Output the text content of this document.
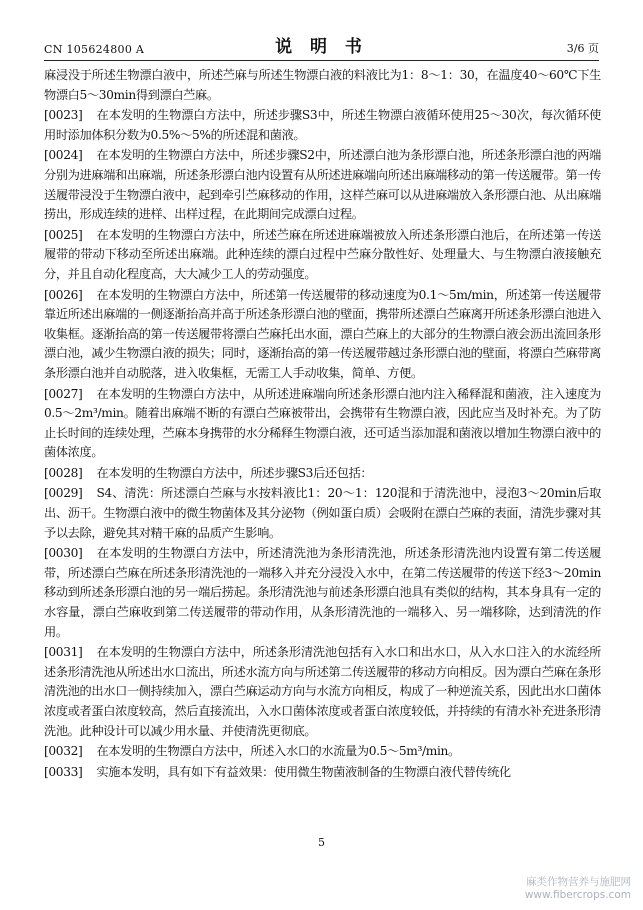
CN 105624800 A	说 明 书	3/6 页

麻浸没于所述生物漂白液中，所述苎麻与所述生物漂白液的料液比为1：8～1：30，在温度40～60℃下生物漂白5～30min得到漂白苎麻。

[0023] 在本发明的生物漂白方法中，所述步骤S3中，所述生物漂白液循环使用25～30次，每次循环使用时添加体积分数为0.5%～5%的所述混和菌液。

[0024] 在本发明的生物漂白方法中，所述步骤S2中，所述漂白池为条形漂白池，所述条形漂白池的两端分别为进麻端和出麻端，所述条形漂白池内设置有从所述进麻端向所述出麻端移动的第一传送履带。第一传送履带浸没于生物漂白液中，起到牵引苎麻移动的作用，这样苎麻可以从进麻端放入条形漂白池、从出麻端捞出，形成连续的进样、出样过程，在此期间完成漂白过程。

[0025] 在本发明的生物漂白方法中，所述苎麻在所述进麻端被放入所述条形漂白池后，在所述第一传送履带的带动下移动至所述出麻端。此种连续的漂白过程中苎麻分散性好、处理量大、与生物漂白液接触充分，并且自动化程度高，大大减少工人的劳动强度。

[0026] 在本发明的生物漂白方法中，所述第一传送履带的移动速度为0.1～5m/min，所述第一传送履带靠近所述出麻端的一侧逐渐抬高并高于所述条形漂白池的壁面，携带所述漂白苎麻离开所述条形漂白池进入收集框。逐渐抬高的第一传送履带将漂白苎麻托出水面，漂白苎麻上的大部分的生物漂白液会沥出流回条形漂白池，减少生物漂白液的损失；同时，逐渐抬高的第一传送履带越过条形漂白池的壁面，将漂白苎麻带离条形漂白池并自动脱落，进入收集框，无需工人手动收集，简单、方便。

[0027] 在本发明的生物漂白方法中，从所述进麻端向所述条形漂白池内注入稀释混和菌液，注入速度为0.5～2m³/min。随着出麻端不断的有漂白苎麻被带出，会携带有生物漂白液，因此应当及时补充。为了防止长时间的连续处理，苎麻本身携带的水分稀释生物漂白液，还可适当添加混和菌液以增加生物漂白液中的菌体浓度。

[0028] 在本发明的生物漂白方法中，所述步骤S3后还包括：

[0029] S4、清洗：所述漂白苎麻与水按料液比1：20～1：120混和于清洗池中，浸泡3～20min后取出、沥干。生物漂白液中的微生物菌体及其分泌物（例如蛋白质）会吸附在漂白苎麻的表面，清洗步骤对其予以去除，避免其对精干麻的品质产生影响。

[0030] 在本发明的生物漂白方法中，所述清洗池为条形清洗池，所述条形清洗池内设置有第二传送履带，所述漂白苎麻在所述条形清洗池的一端移入并充分浸没入水中，在第二传送履带的传送下经3～20min移动到所述条形漂白池的另一端后捞起。条形清洗池与前述条形漂白池具有类似的结构，其本身具有一定的水容量，漂白苎麻收到第二传送履带的带动作用，从条形清洗池的一端移入、另一端移除，达到清洗的作用。

[0031] 在本发明的生物漂白方法中，所述条形清洗池包括有入水口和出水口，从入水口注入的水流经所述条形清洗池从所述出水口流出，所述水流方向与所述第二传送履带的移动方向相反。因为漂白苎麻在条形清洗池的出水口一侧持续加入，漂白苎麻运动方向与水流方向相反，构成了一种逆流关系，因此出水口菌体浓度或者蛋白浓度较高，然后直接流出，入水口菌体浓度或者蛋白浓度较低，并持续的有清水补充进条形清洗池。此种设计可以减少用水量、并使清洗更彻底。

[0032] 在本发明的生物漂白方法中，所述入水口的水流量为0.5～5m³/min。

[0033] 实施本发明，具有如下有益效果：使用微生物菌液制备的生物漂白液代替传统化

5
麻类作物营养与施肥网
www.fibercrops.com
